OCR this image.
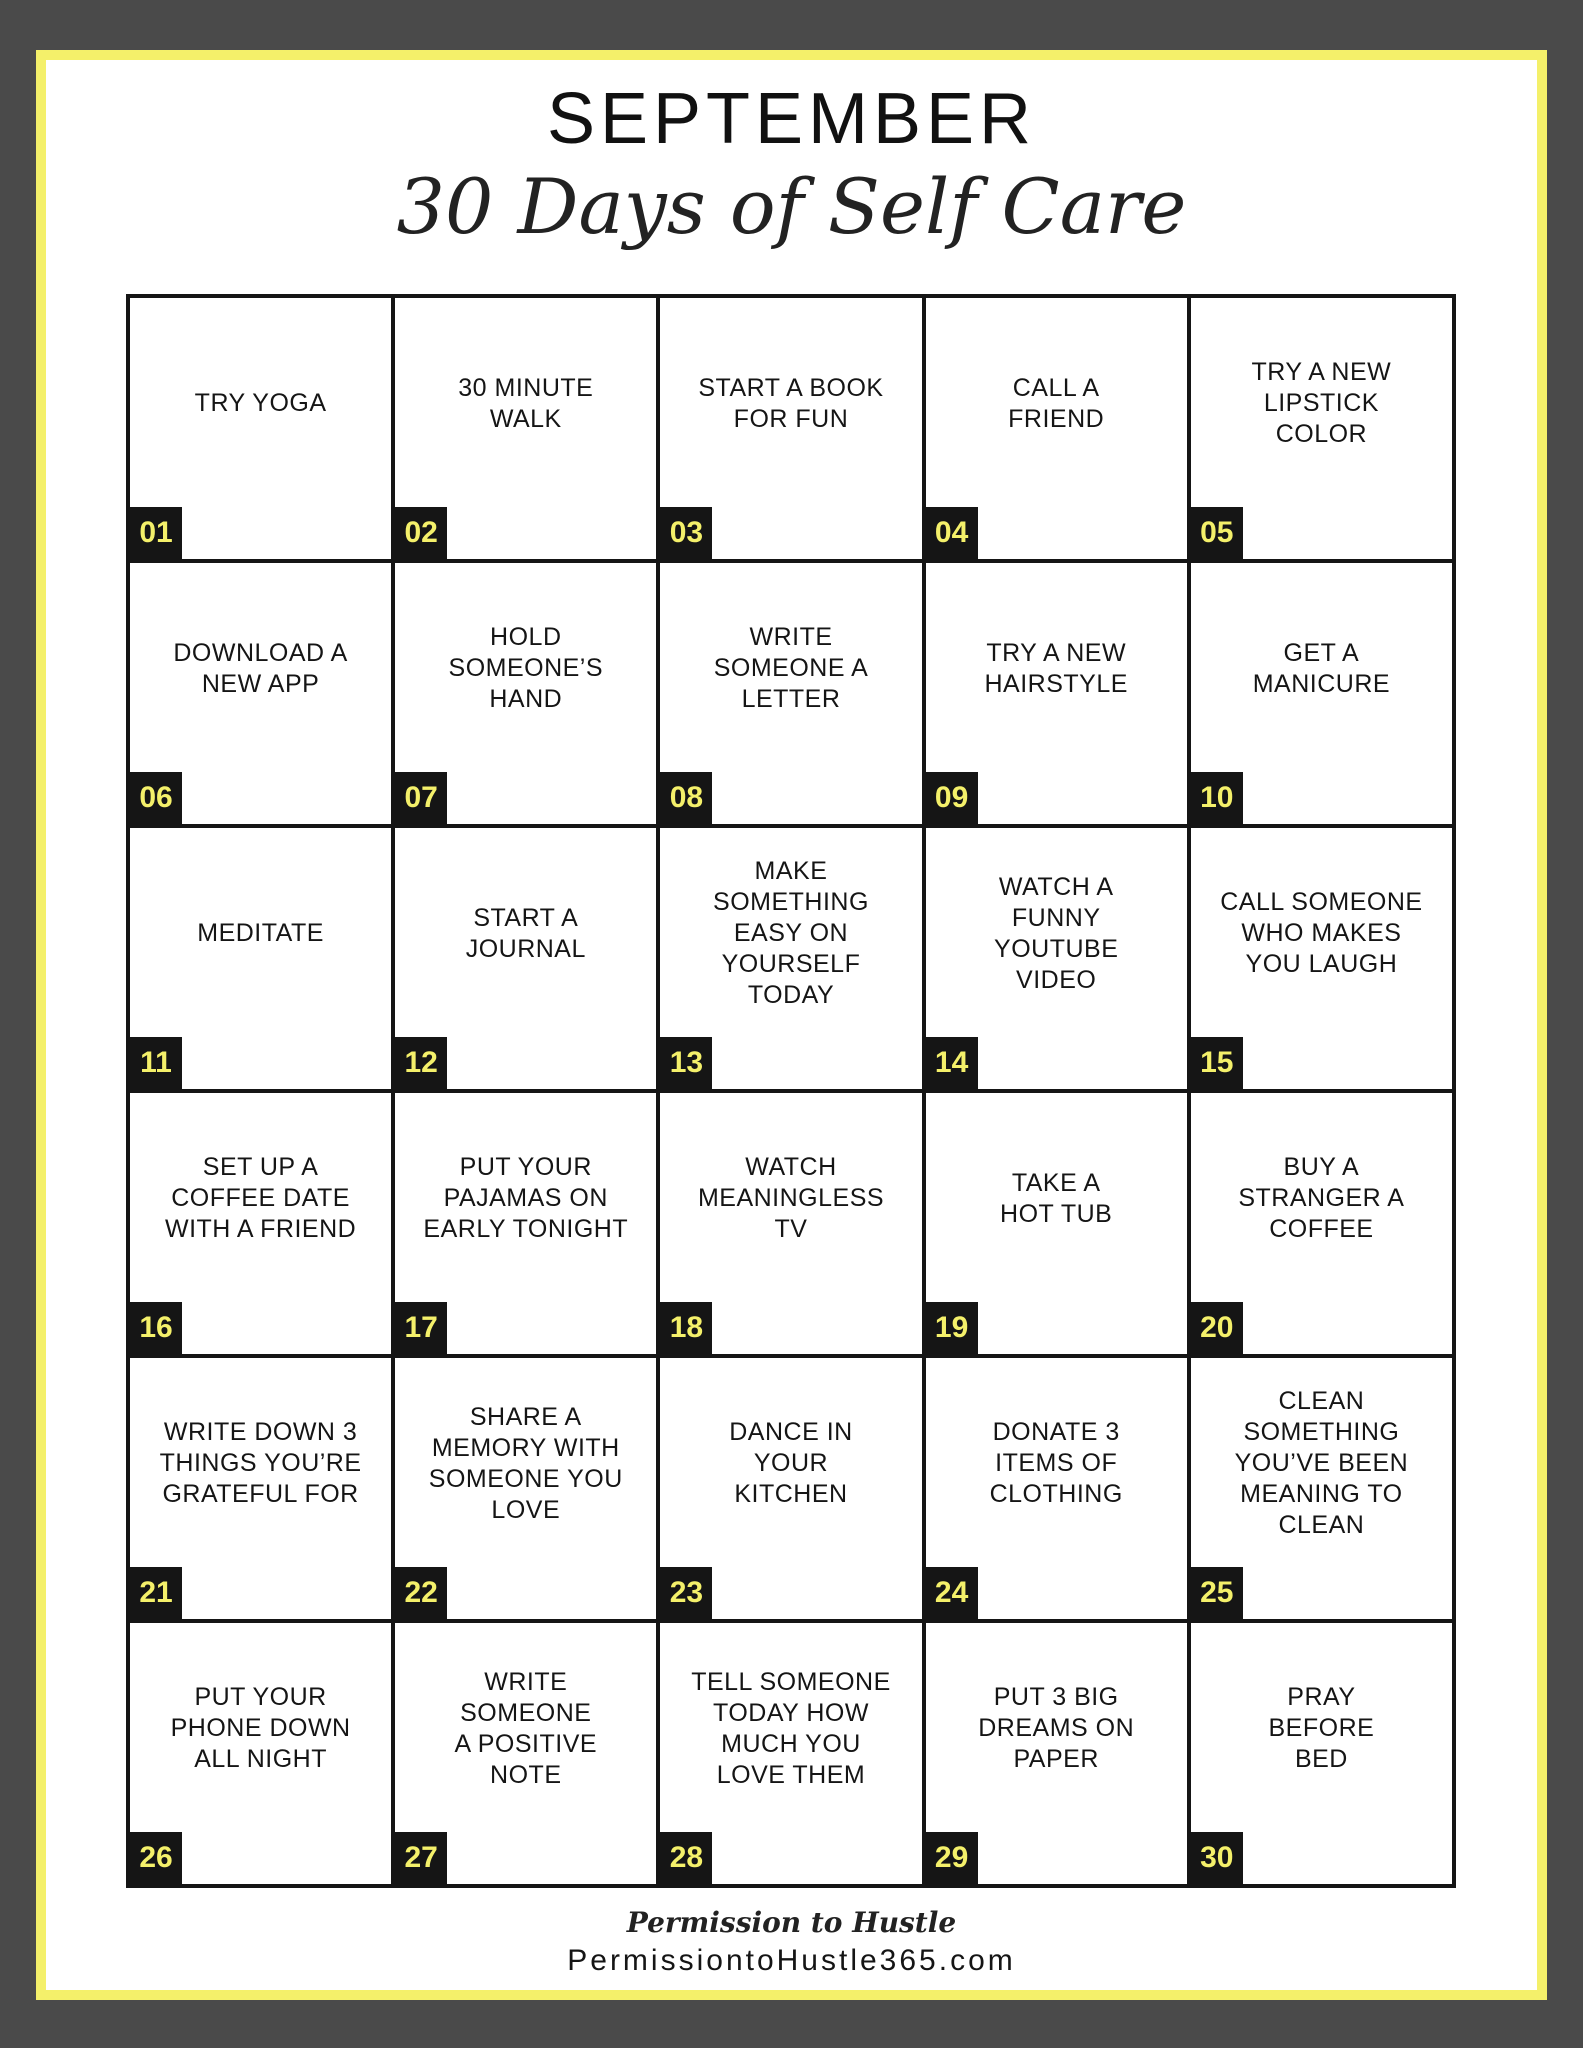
SEPTEMBER
30 Days of Self Care
TRY YOGA
01
30 MINUTE
WALK
02
START A BOOK
FOR FUN
03
CALL A
FRIEND
04
TRY A NEW
LIPSTICK
COLOR
05
DOWNLOAD A
NEW APP
06
HOLD
SOMEONE’S
HAND
07
WRITE
SOMEONE A
LETTER
08
TRY A NEW
HAIRSTYLE
09
GET A
MANICURE
10
MEDITATE
11
START A
JOURNAL
12
MAKE
SOMETHING
EASY ON
YOURSELF
TODAY
13
WATCH A
FUNNY
YOUTUBE
VIDEO
14
CALL SOMEONE
WHO MAKES
YOU LAUGH
15
SET UP A
COFFEE DATE
WITH A FRIEND
16
PUT YOUR
PAJAMAS ON
EARLY TONIGHT
17
WATCH
MEANINGLESS
TV
18
TAKE A
HOT TUB
19
BUY A
STRANGER A
COFFEE
20
WRITE DOWN 3
THINGS YOU’RE
GRATEFUL FOR
21
SHARE A
MEMORY WITH
SOMEONE YOU
LOVE
22
DANCE IN
YOUR
KITCHEN
23
DONATE 3
ITEMS OF
CLOTHING
24
CLEAN
SOMETHING
YOU’VE BEEN
MEANING TO
CLEAN
25
PUT YOUR
PHONE DOWN
ALL NIGHT
26
WRITE
SOMEONE
A POSITIVE
NOTE
27
TELL SOMEONE
TODAY HOW
MUCH YOU
LOVE THEM
28
PUT 3 BIG
DREAMS ON
PAPER
29
PRAY
BEFORE
BED
30
Permission to Hustle
PermissiontoHustle365.com
